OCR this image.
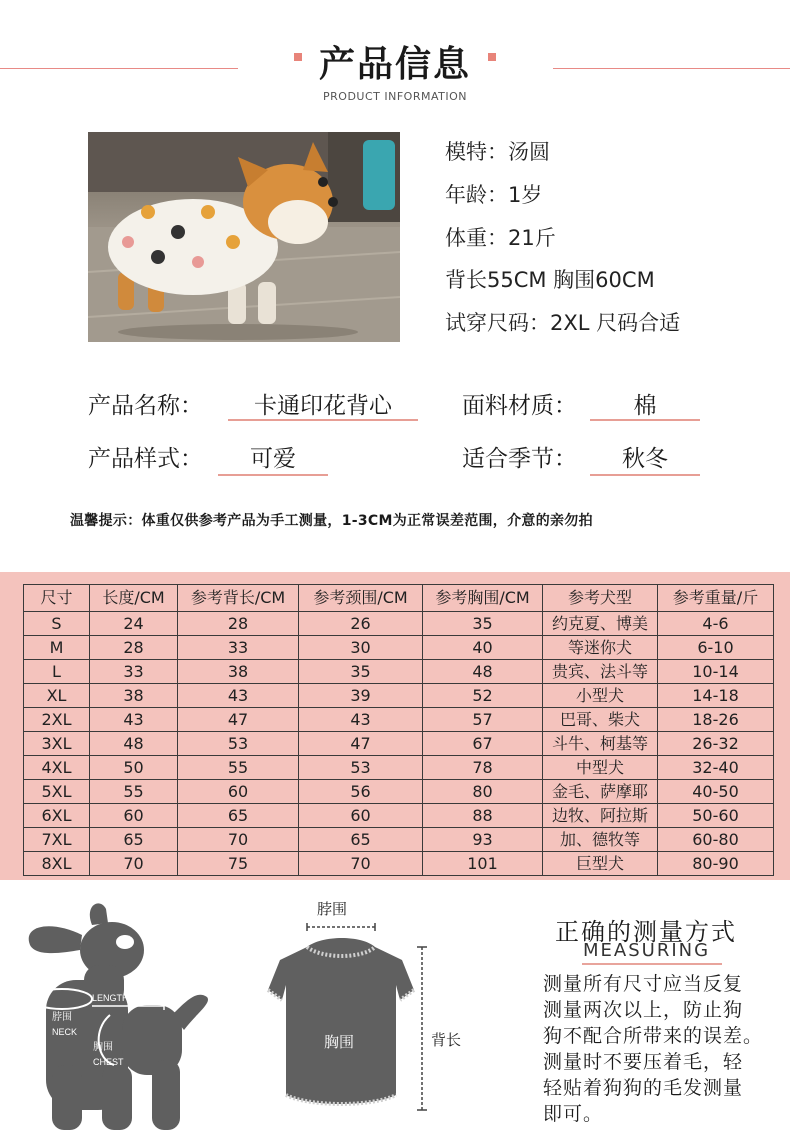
产品信息
PRODUCT INFORMATION
模特：汤圆
年龄：1岁
体重：21斤
背长55CM 胸围60CM
试穿尺码：2XL 尺码合适
产品名称：	卡通印花背心	面料材质：	棉
产品样式：	可爱	适合季节：	秋冬
温馨提示：体重仅供参考产品为手工测量，1-3CM为正常误差范围，介意的亲勿拍
尺寸	长度/CM	参考背长/CM	参考颈围/CM	参考胸围/CM	参考犬型	参考重量/斤
S	24	28	26	35	约克夏、博美	4-6
M	28	33	30	40	等迷你犬	6-10
L	33	38	35	48	贵宾、法斗等	10-14
XL	38	43	39	52	小型犬	14-18
2XL	43	47	43	57	巴哥、柴犬	18-26
3XL	48	53	47	67	斗牛、柯基等	26-32
4XL	50	55	53	78	中型犬	32-40
5XL	55	60	56	80	金毛、萨摩耶	40-50
6XL	60	65	60	88	边牧、阿拉斯	50-60
7XL	65	70	65	93	加、德牧等	60-80
8XL	70	75	70	101	巨型犬	80-90
LENGTH背长
脖围
NECK
胸围
CHEST
脖围
胸围	背长
正确的测量方式
MEASURING
测量所有尺寸应当反复
测量两次以上，防止狗
狗不配合所带来的误差。
测量时不要压着毛，轻
轻贴着狗狗的毛发测量
即可。
